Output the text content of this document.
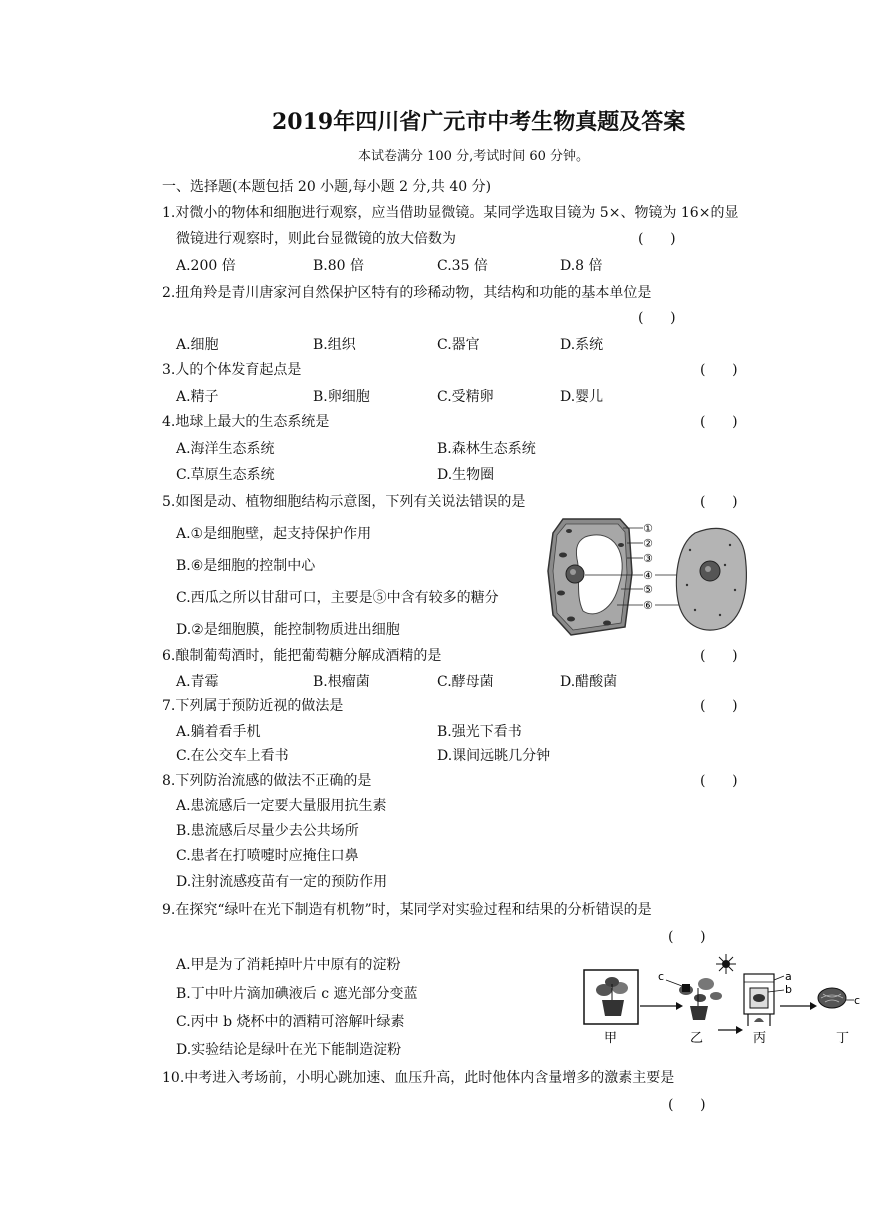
2019年四川省广元市中考生物真题及答案
本试卷满分 100 分,考试时间 60 分钟。
一、选择题(本题包括 20 小题,每小题 2 分,共 40 分)
1.对微小的物体和细胞进行观察，应当借助显微镜。某同学选取目镜为 5×、物镜为 16×的显
微镜进行观察时，则此台显微镜的放大倍数为	(      )
A.200 倍	B.80 倍	C.35 倍	D.8 倍
2.扭角羚是青川唐家河自然保护区特有的珍稀动物，其结构和功能的基本单位是
(      )
A.细胞	B.组织	C.器官	D.系统
3.人的个体发育起点是	(      )
A.精子	B.卵细胞	C.受精卵	D.婴儿
4.地球上最大的生态系统是	(      )
A.海洋生态系统	B.森林生态系统
C.草原生态系统	D.生物圈
5.如图是动、植物细胞结构示意图，下列有关说法错误的是	(      )
A.①是细胞壁，起支持保护作用
B.⑥是细胞的控制中心
C.西瓜之所以甘甜可口，主要是⑤中含有较多的糖分
D.②是细胞膜，能控制物质进出细胞
①
②
③
④
⑤
⑥
6.酿制葡萄酒时，能把葡萄糖分解成酒精的是	(      )
A.青霉	B.根瘤菌	C.酵母菌	D.醋酸菌
7.下列属于预防近视的做法是	(      )
A.躺着看手机	B.强光下看书
C.在公交车上看书	D.课间远眺几分钟
8.下列防治流感的做法不正确的是	(      )
A.患流感后一定要大量服用抗生素
B.患流感后尽量少去公共场所
C.患者在打喷嚏时应掩住口鼻
D.注射流感疫苗有一定的预防作用
9.在探究“绿叶在光下制造有机物”时，某同学对实验过程和结果的分析错误的是
(      )
A.甲是为了消耗掉叶片中原有的淀粉
B.丁中叶片滴加碘液后 c 遮光部分变蓝
C.丙中 b 烧杯中的酒精可溶解叶绿素
D.实验结论是绿叶在光下能制造淀粉
c	a
b
c
甲	乙	丙	丁
10.中考进入考场前，小明心跳加速、血压升高，此时他体内含量增多的激素主要是
(      )
